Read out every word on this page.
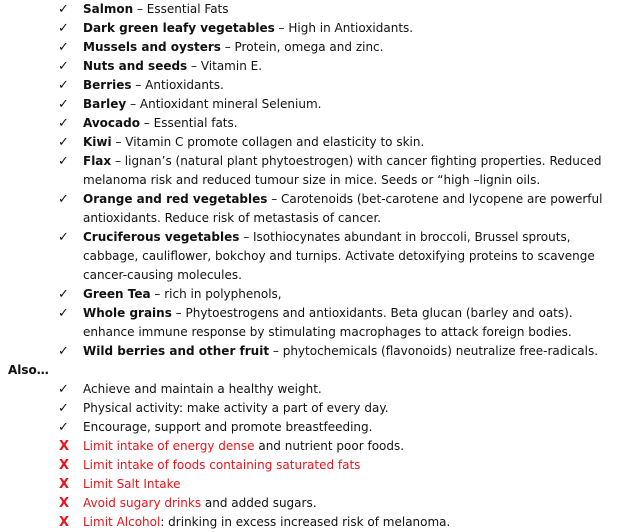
✓	Salmon – Essential Fats
✓	Dark green leafy vegetables – High in Antioxidants.
✓	Mussels and oysters – Protein, omega and zinc.
✓	Nuts and seeds – Vitamin E.
✓	Berries – Antioxidants.
✓	Barley – Antioxidant mineral Selenium.
✓	Avocado – Essential fats.
✓	Kiwi – Vitamin C promote collagen and elasticity to skin.
✓	Flax – lignan’s (natural plant phytoestrogen) with cancer fighting properties. Reduced melanoma risk and reduced tumour size in mice. Seeds or “high –lignin oils.
✓	Orange and red vegetables – Carotenoids (bet-carotene and lycopene are powerful antioxidants. Reduce risk of metastasis of cancer.
✓	Cruciferous vegetables – Isothiocynates abundant in broccoli, Brussel sprouts, cabbage, cauliflower, bokchoy and turnips. Activate detoxifying proteins to scavenge cancer-causing molecules.
✓	Green Tea – rich in polyphenols,
✓	Whole grains – Phytoestrogens and antioxidants. Beta glucan (barley and oats). enhance immune response by stimulating macrophages to attack foreign bodies.
✓	Wild berries and other fruit – phytochemicals (flavonoids) neutralize free-radicals.
Also…
✓	Achieve and maintain a healthy weight.
✓	Physical activity: make activity a part of every day.
✓	Encourage, support and promote breastfeeding.
X	Limit intake of energy dense and nutrient poor foods.
X	Limit intake of foods containing saturated fats
X	Limit Salt Intake
X	Avoid sugary drinks and added sugars.
X	Limit Alcohol: drinking in excess increased risk of melanoma.
